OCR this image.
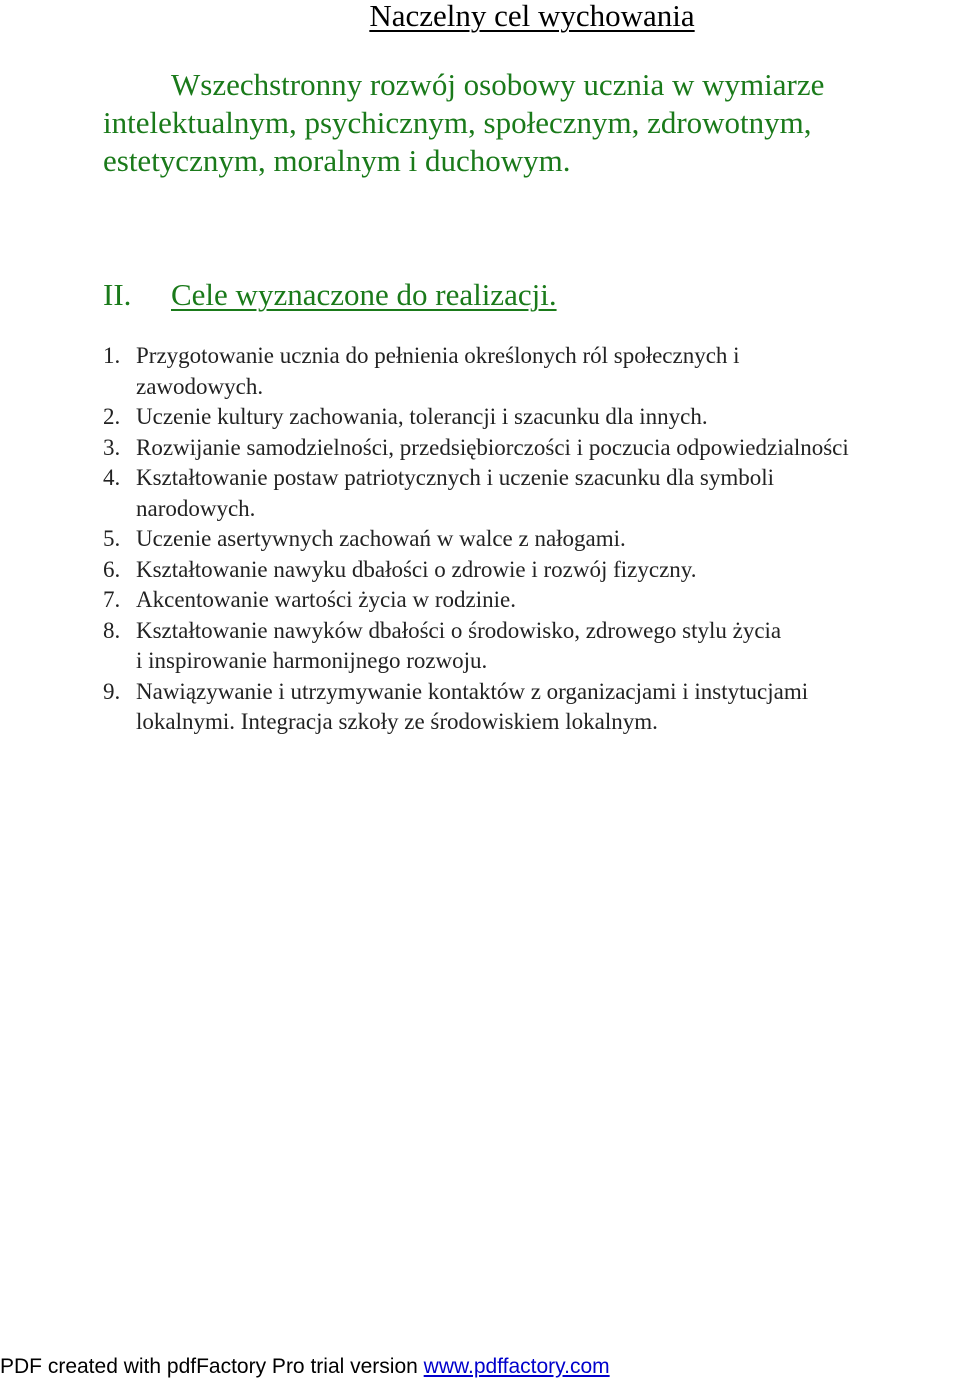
Naczelny cel wychowania
Wszechstronny rozwój osobowy ucznia w wymiarze
intelektualnym, psychicznym, społecznym, zdrowotnym,
estetycznym, moralnym i duchowym.
II. Cele wyznaczone do realizacji.
1. Przygotowanie ucznia do pełnienia określonych ról społecznych i
zawodowych.
2. Uczenie kultury zachowania, tolerancji i szacunku dla innych.
3. Rozwijanie samodzielności, przedsiębiorczości i poczucia odpowiedzialności
4. Kształtowanie postaw patriotycznych i uczenie szacunku dla symboli
narodowych.
5. Uczenie asertywnych zachowań w walce z nałogami.
6. Kształtowanie nawyku dbałości o zdrowie i rozwój fizyczny.
7. Akcentowanie wartości życia w rodzinie.
8. Kształtowanie nawyków dbałości o środowisko, zdrowego stylu życia
i inspirowanie harmonijnego rozwoju.
9. Nawiązywanie i utrzymywanie kontaktów z organizacjami i instytucjami
lokalnymi. Integracja szkoły ze środowiskiem lokalnym.
PDF created with pdfFactory Pro trial version www.pdffactory.com
